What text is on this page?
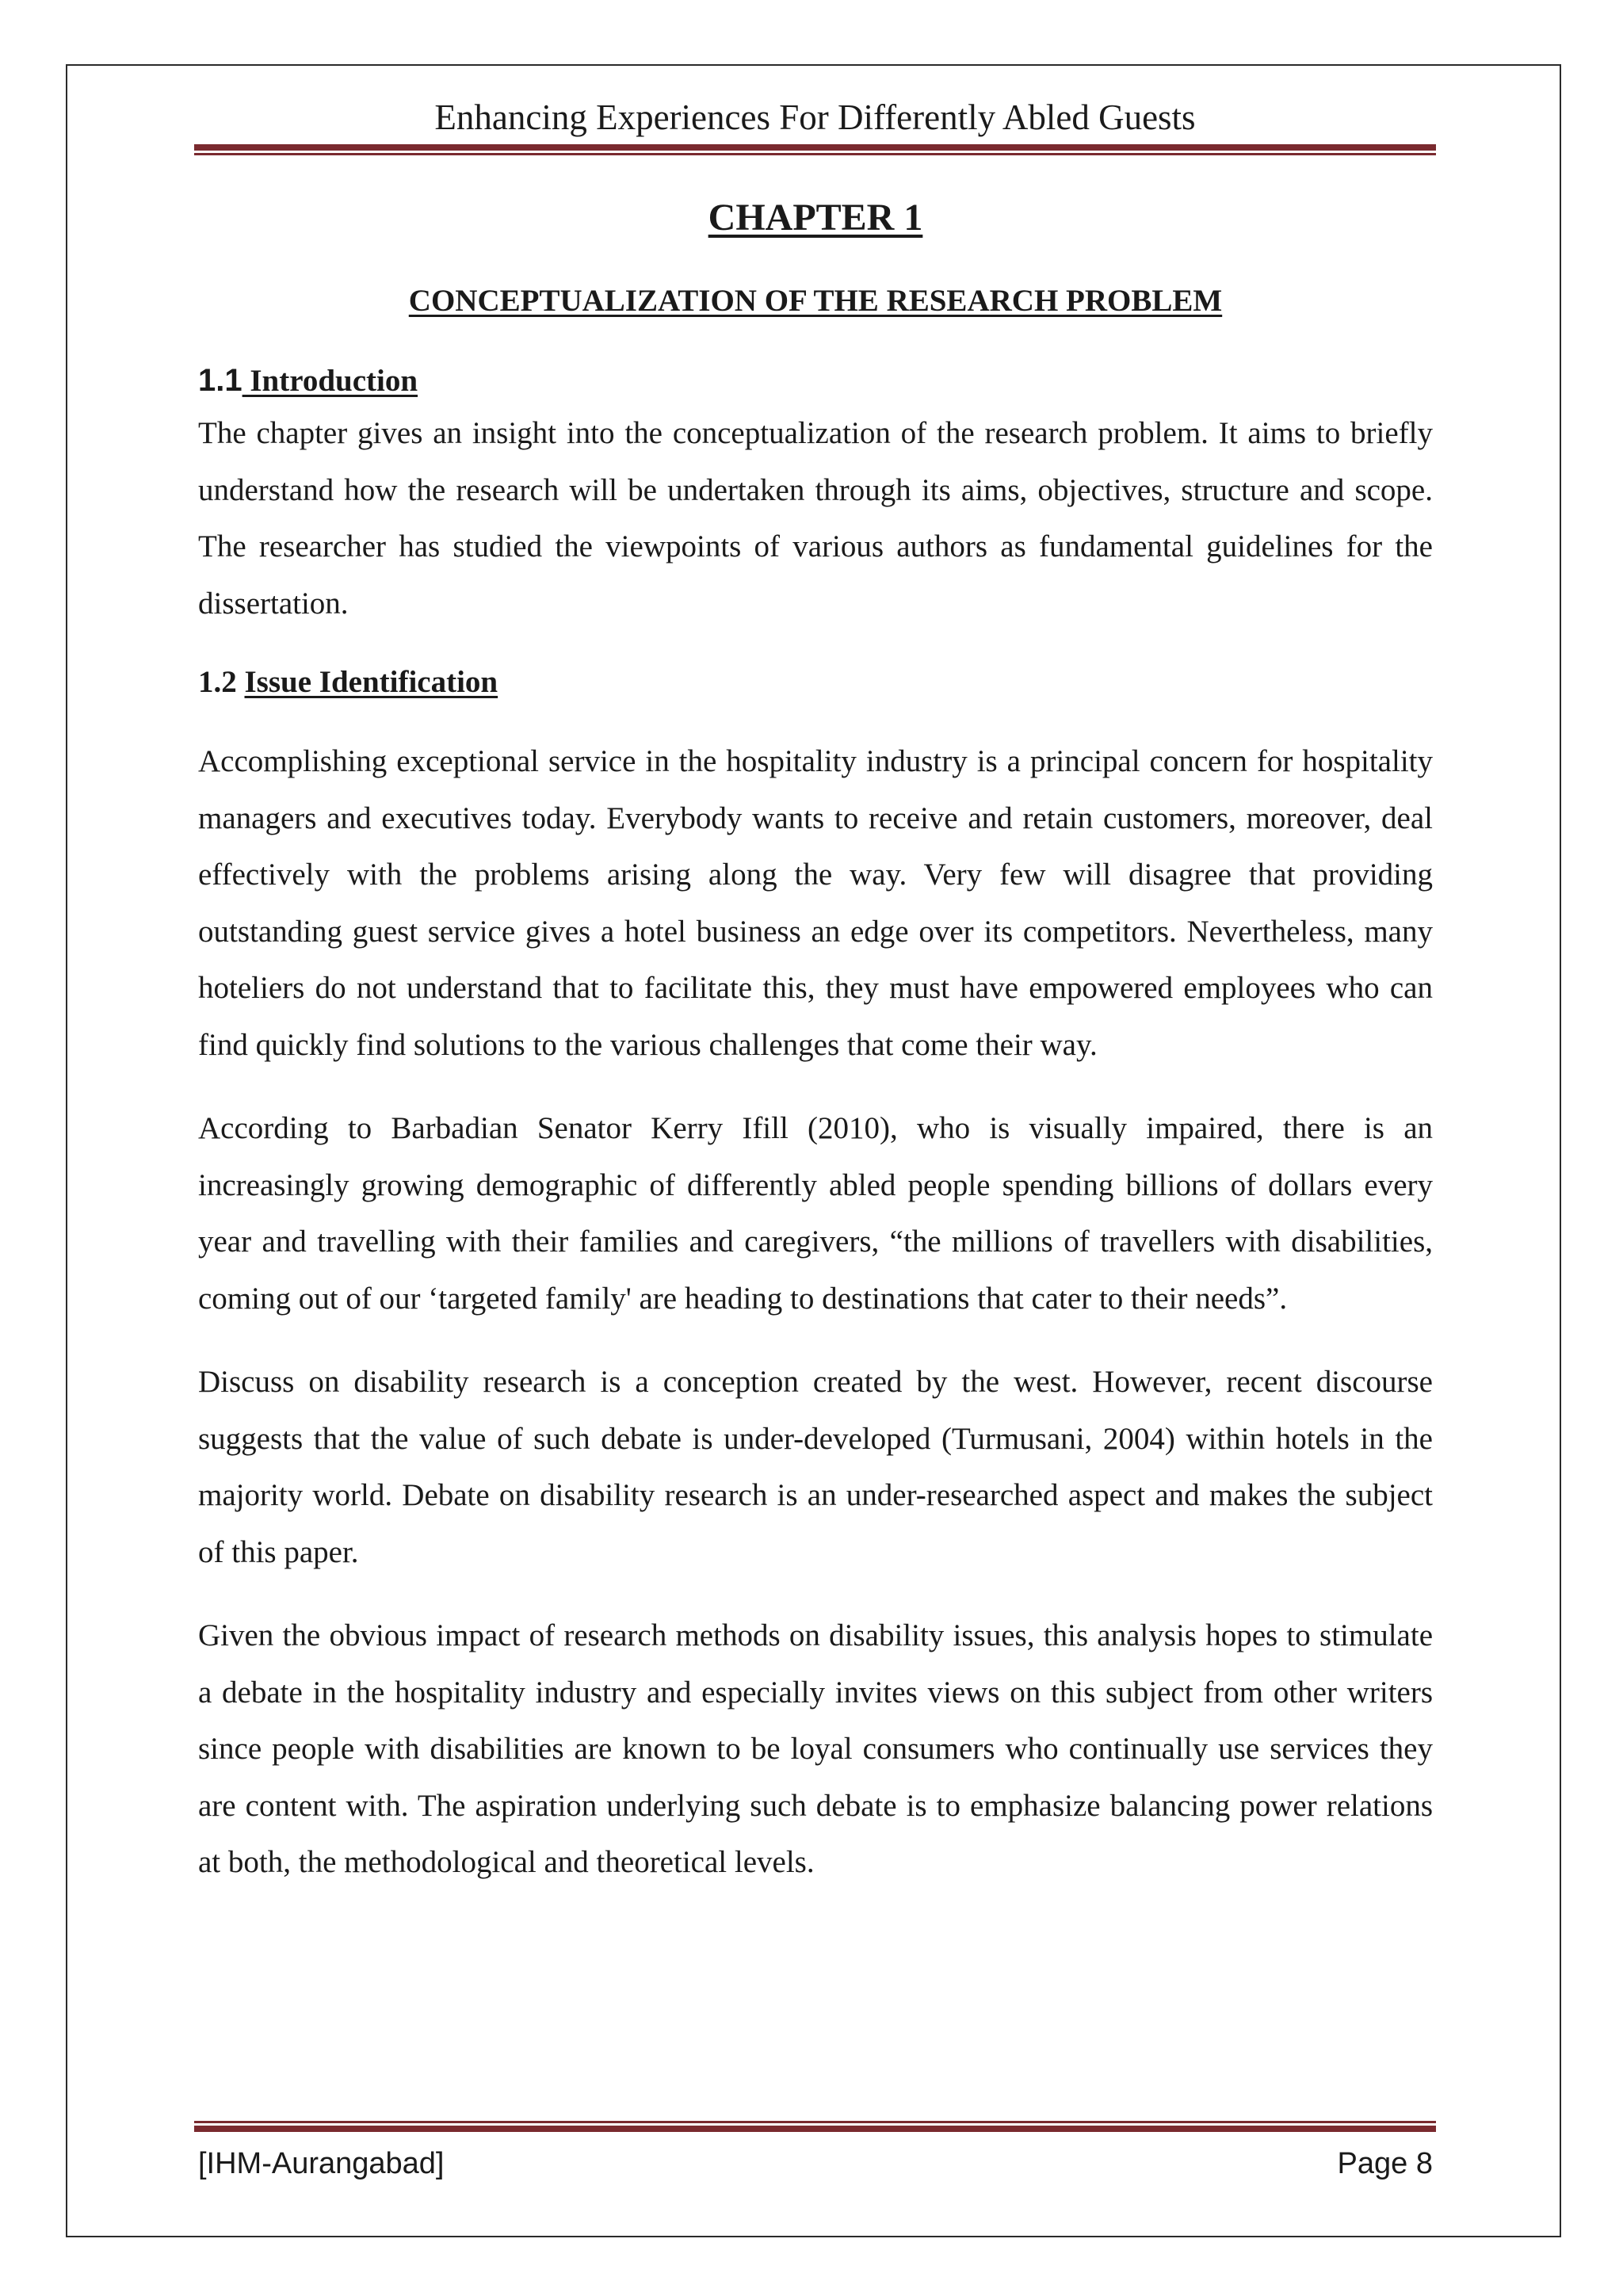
Enhancing Experiences For Differently Abled Guests
CHAPTER 1
CONCEPTUALIZATION OF THE RESEARCH PROBLEM
1.1 Introduction

The chapter gives an insight into the conceptualization of the research problem. It aims to briefly understand how the research will be undertaken through its aims, objectives, structure and scope. The researcher has studied the viewpoints of various authors as fundamental guidelines for the dissertation.

1.2 Issue Identification

Accomplishing exceptional service in the hospitality industry is a principal concern for hospitality managers and executives today. Everybody wants to receive and retain customers, moreover, deal effectively with the problems arising along the way. Very few will disagree that providing outstanding guest service gives a hotel business an edge over its competitors. Nevertheless, many hoteliers do not understand that to facilitate this, they must have empowered employees who can find quickly find solutions to the various challenges that come their way.

According to Barbadian Senator Kerry Ifill (2010), who is visually impaired, there is an increasingly growing demographic of differently abled people spending billions of dollars every year and travelling with their families and caregivers, “the millions of travellers with disabilities, coming out of our ‘targeted family' are heading to destinations that cater to their needs”.

Discuss on disability research is a conception created by the west. However, recent discourse suggests that the value of such debate is under-developed (Turmusani, 2004) within hotels in the majority world. Debate on disability research is an under-researched aspect and makes the subject of this paper.

Given the obvious impact of research methods on disability issues, this analysis hopes to stimulate a debate in the hospitality industry and especially invites views on this subject from other writers since people with disabilities are known to be loyal consumers who continually use services they are content with. The aspiration underlying such debate is to emphasize balancing power relations at both, the methodological and theoretical levels.

[IHM-Aurangabad]	Page 8
